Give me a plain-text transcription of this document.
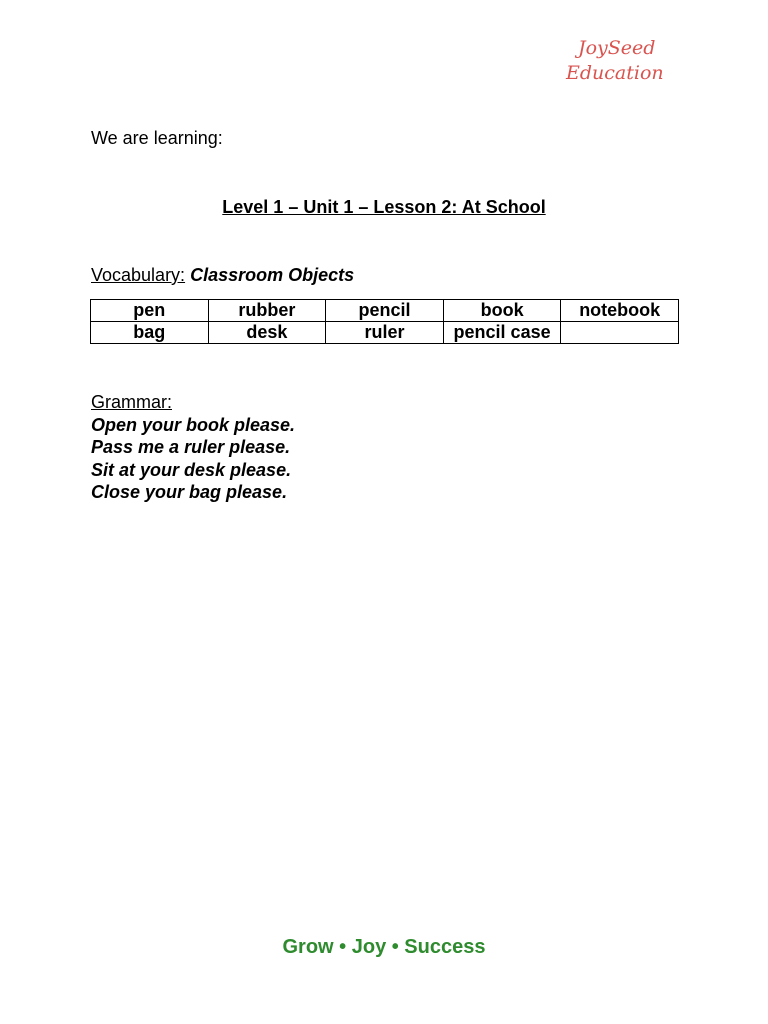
JoySeed
Education
We are learning:
Level 1 – Unit 1 – Lesson 2: At School
Vocabulary: Classroom Objects
pen	rubber	pencil	book	notebook
bag	desk	ruler	pencil case	
Grammar:
Open your book please.
Pass me a ruler please.
Sit at your desk please.
Close your bag please.
Grow • Joy • Success
